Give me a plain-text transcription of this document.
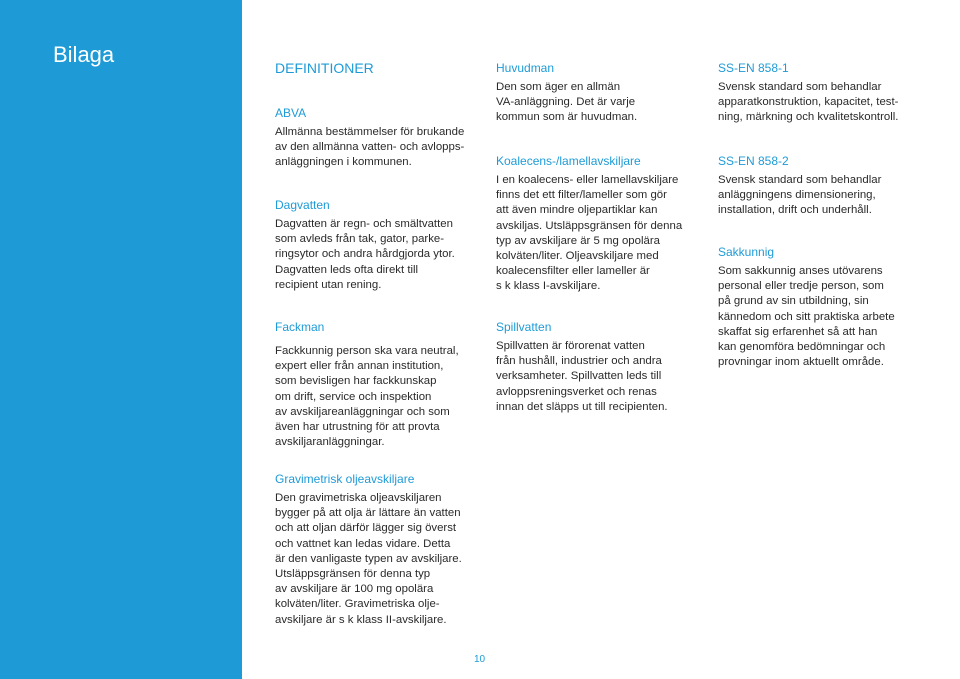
Bilaga
DEFINITIONER
ABVA

Allmänna bestämmelser för brukande
av den allmänna vatten- och avlopps-
anläggningen i kommunen.

Dagvatten

Dagvatten är regn- och smältvatten
som avleds från tak, gator, parke-
ringsytor och andra hårdgjorda ytor.
Dagvatten leds ofta direkt till
recipient utan rening.

Fackman

Fackkunnig person ska vara neutral,
expert eller från annan institution,
som bevisligen har fackkunskap
om drift, service och inspektion
av avskiljareanläggningar och som
även har utrustning för att provta
avskiljaranläggningar.

Huvudman

Den som äger en allmän
VA-anläggning. Det är varje
kommun som är huvudman.

Koalecens-/lamellavskiljare

I en koalecens- eller lamellavskiljare
finns det ett filter/lameller som gör
att även mindre oljepartiklar kan
avskiljas. Utsläppsgränsen för denna
typ av avskiljare är 5 mg opolära
kolväten/liter. Oljeavskiljare med
koalecensfilter eller lameller är
s k klass I-avskiljare.

Spillvatten

Spillvatten är förorenat vatten
från hushåll, industrier och andra
verksamheter. Spillvatten leds till
avloppsreningsverket och renas
innan det släpps ut till recipienten.

SS-EN 858-1

Svensk standard som behandlar
apparatkonstruktion, kapacitet, test-
ning, märkning och kvalitetskontroll.

SS-EN 858-2

Svensk standard som behandlar
anläggningens dimensionering,
installation, drift och underhåll.

Sakkunnig

Som sakkunnig anses utövarens
personal eller tredje person, som
på grund av sin utbildning, sin
kännedom och sitt praktiska arbete
skaffat sig erfarenhet så att han
kan genomföra bedömningar och
provningar inom aktuellt område.

Gravimetrisk oljeavskiljare

Den gravimetriska oljeavskiljaren
bygger på att olja är lättare än vatten
och att oljan därför lägger sig överst
och vattnet kan ledas vidare. Detta
är den vanligaste typen av avskiljare.
Utsläppsgränsen för denna typ
av avskiljare är 100 mg opolära
kolväten/liter. Gravimetriska olje-
avskiljare är s k klass II-avskiljare.

10
